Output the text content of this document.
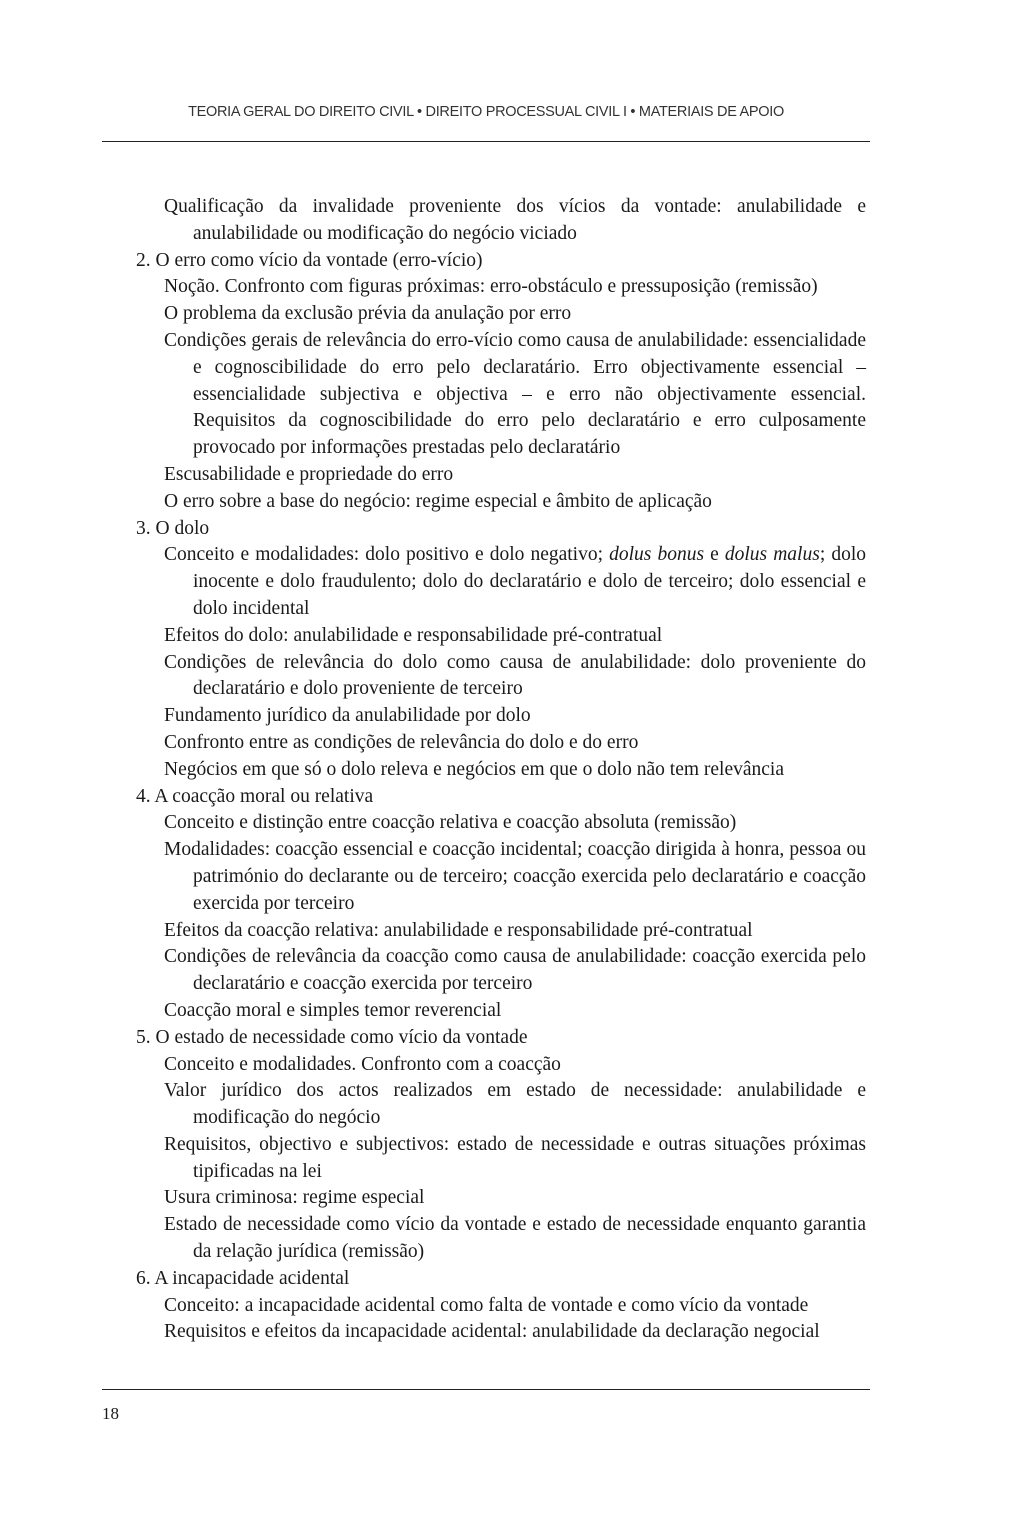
TEORIA GERAL DO DIREITO CIVIL • DIREITO PROCESSUAL CIVIL I • MATERIAIS DE APOIO
Qualificação da invalidade proveniente dos vícios da vontade: anulabilidade e anulabilidade ou modificação do negócio viciado
2. O erro como vício da vontade (erro-vício)
Noção. Confronto com figuras próximas: erro-obstáculo e pressuposição (remissão)
O problema da exclusão prévia da anulação por erro
Condições gerais de relevância do erro-vício como causa de anulabilidade: essencialidade e cognoscibilidade do erro pelo declaratário. Erro objectivamente essencial – essencialidade subjectiva e objectiva – e erro não objectivamente essencial. Requisitos da cognoscibilidade do erro pelo declaratário e erro culposamente provocado por informações prestadas pelo declaratário
Escusabilidade e propriedade do erro
O erro sobre a base do negócio: regime especial e âmbito de aplicação
3. O dolo
Conceito e modalidades: dolo positivo e dolo negativo; dolus bonus e dolus malus; dolo inocente e dolo fraudulento; dolo do declaratário e dolo de terceiro; dolo essencial e dolo incidental
Efeitos do dolo: anulabilidade e responsabilidade pré-contratual
Condições de relevância do dolo como causa de anulabilidade: dolo proveniente do declaratário e dolo proveniente de terceiro
Fundamento jurídico da anulabilidade por dolo
Confronto entre as condições de relevância do dolo e do erro
Negócios em que só o dolo releva e negócios em que o dolo não tem relevância
4. A coacção moral ou relativa
Conceito e distinção entre coacção relativa e coacção absoluta (remissão)
Modalidades: coacção essencial e coacção incidental; coacção dirigida à honra, pessoa ou património do declarante ou de terceiro; coacção exercida pelo declaratário e coacção exercida por terceiro
Efeitos da coacção relativa: anulabilidade e responsabilidade pré-contratual
Condições de relevância da coacção como causa de anulabilidade: coacção exercida pelo declaratário e coacção exercida por terceiro
Coacção moral e simples temor reverencial
5. O estado de necessidade como vício da vontade
Conceito e modalidades. Confronto com a coacção
Valor jurídico dos actos realizados em estado de necessidade: anulabilidade e modificação do negócio
Requisitos, objectivo e subjectivos: estado de necessidade e outras situações próximas tipificadas na lei
Usura criminosa: regime especial
Estado de necessidade como vício da vontade e estado de necessidade enquanto garantia da relação jurídica (remissão)
6. A incapacidade acidental
Conceito: a incapacidade acidental como falta de vontade e como vício da vontade
Requisitos e efeitos da incapacidade acidental: anulabilidade da declaração negocial
18
